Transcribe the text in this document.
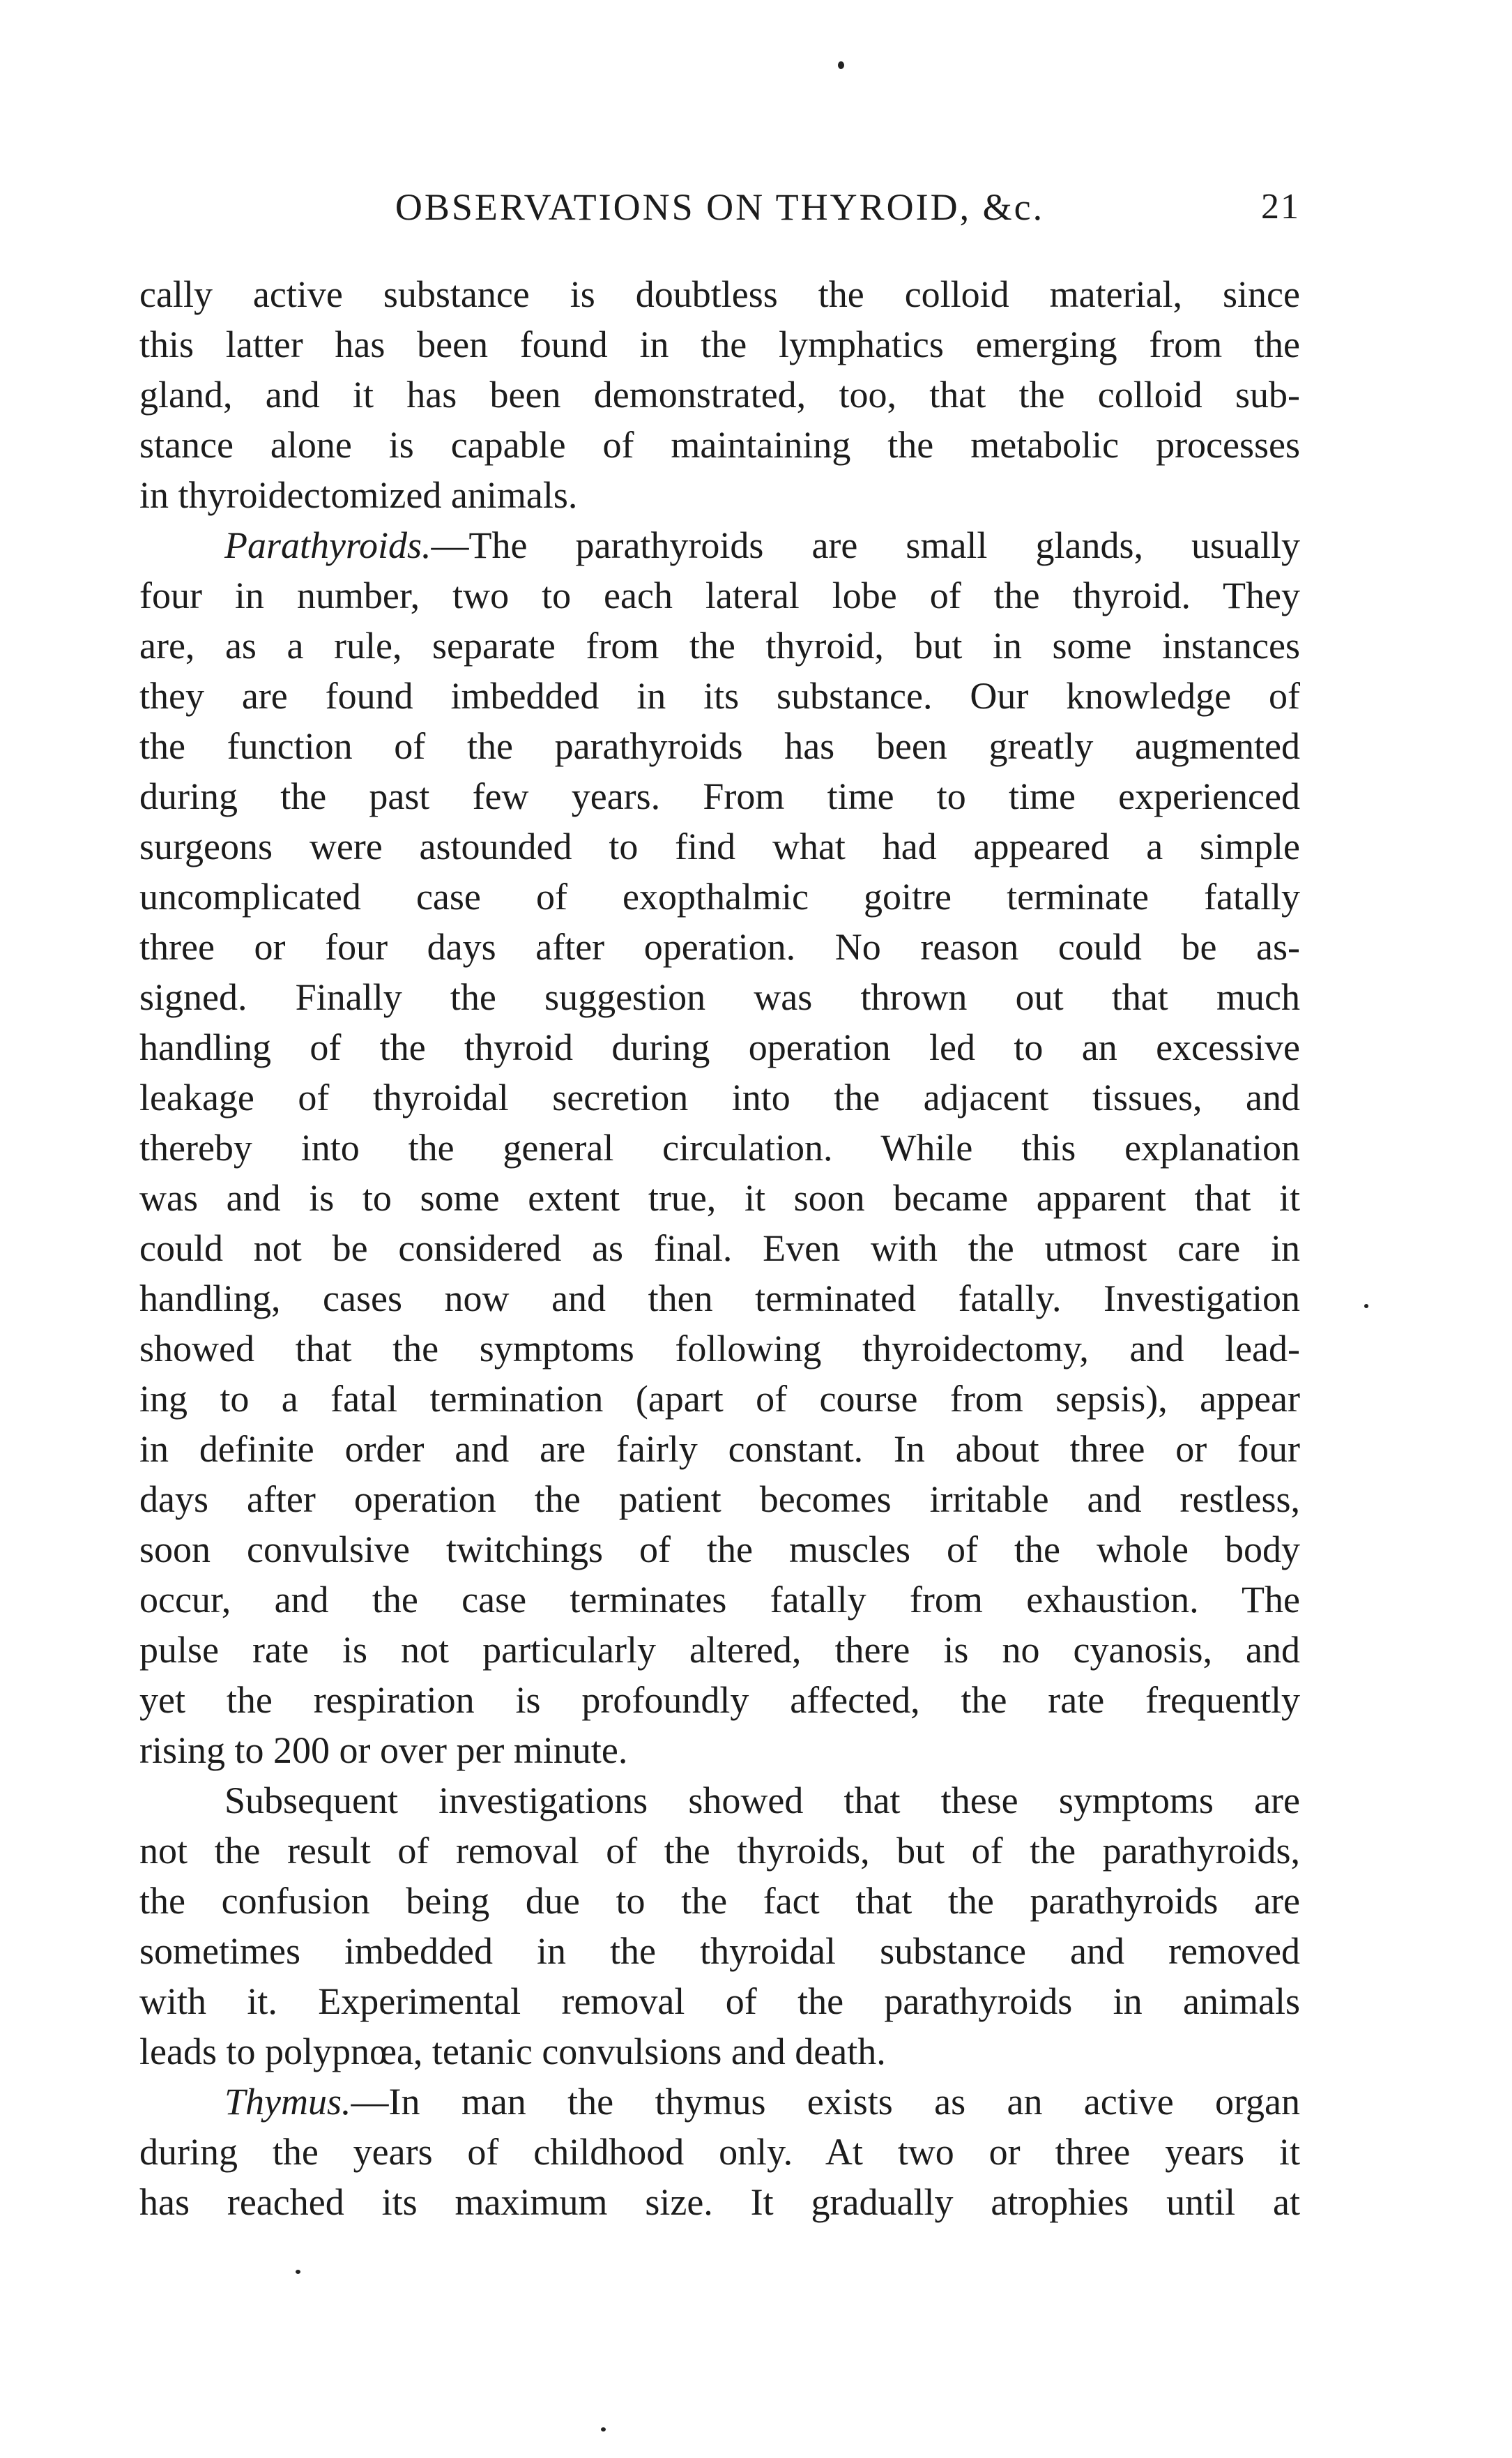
OBSERVATIONS ON THYROID, &c.	21
cally active substance is doubtless the colloid material, since
this latter has been found in the lymphatics emerging from the
gland, and it has been demonstrated, too, that the colloid sub-
stance alone is capable of maintaining the metabolic processes
in thyroidectomized animals.
Parathyroids.—The parathyroids are small glands, usually
four in number, two to each lateral lobe of the thyroid. They
are, as a rule, separate from the thyroid, but in some instances
they are found imbedded in its substance. Our knowledge of
the function of the parathyroids has been greatly augmented
during the past few years. From time to time experienced
surgeons were astounded to find what had appeared a simple
uncomplicated case of exopthalmic goitre terminate fatally
three or four days after operation. No reason could be as-
signed. Finally the suggestion was thrown out that much
handling of the thyroid during operation led to an excessive
leakage of thyroidal secretion into the adjacent tissues, and
thereby into the general circulation. While this explanation
was and is to some extent true, it soon became apparent that it
could not be considered as final. Even with the utmost care in
handling, cases now and then terminated fatally. Investigation
showed that the symptoms following thyroidectomy, and lead-
ing to a fatal termination (apart of course from sepsis), appear
in definite order and are fairly constant. In about three or four
days after operation the patient becomes irritable and restless,
soon convulsive twitchings of the muscles of the whole body
occur, and the case terminates fatally from exhaustion. The
pulse rate is not particularly altered, there is no cyanosis, and
yet the respiration is profoundly affected, the rate frequently
rising to 200 or over per minute.
Subsequent investigations showed that these symptoms are
not the result of removal of the thyroids, but of the parathyroids,
the confusion being due to the fact that the parathyroids are
sometimes imbedded in the thyroidal substance and removed
with it. Experimental removal of the parathyroids in animals
leads to polypnœa, tetanic convulsions and death.
Thymus.—In man the thymus exists as an active organ
during the years of childhood only. At two or three years it
has reached its maximum size. It gradually atrophies until at
